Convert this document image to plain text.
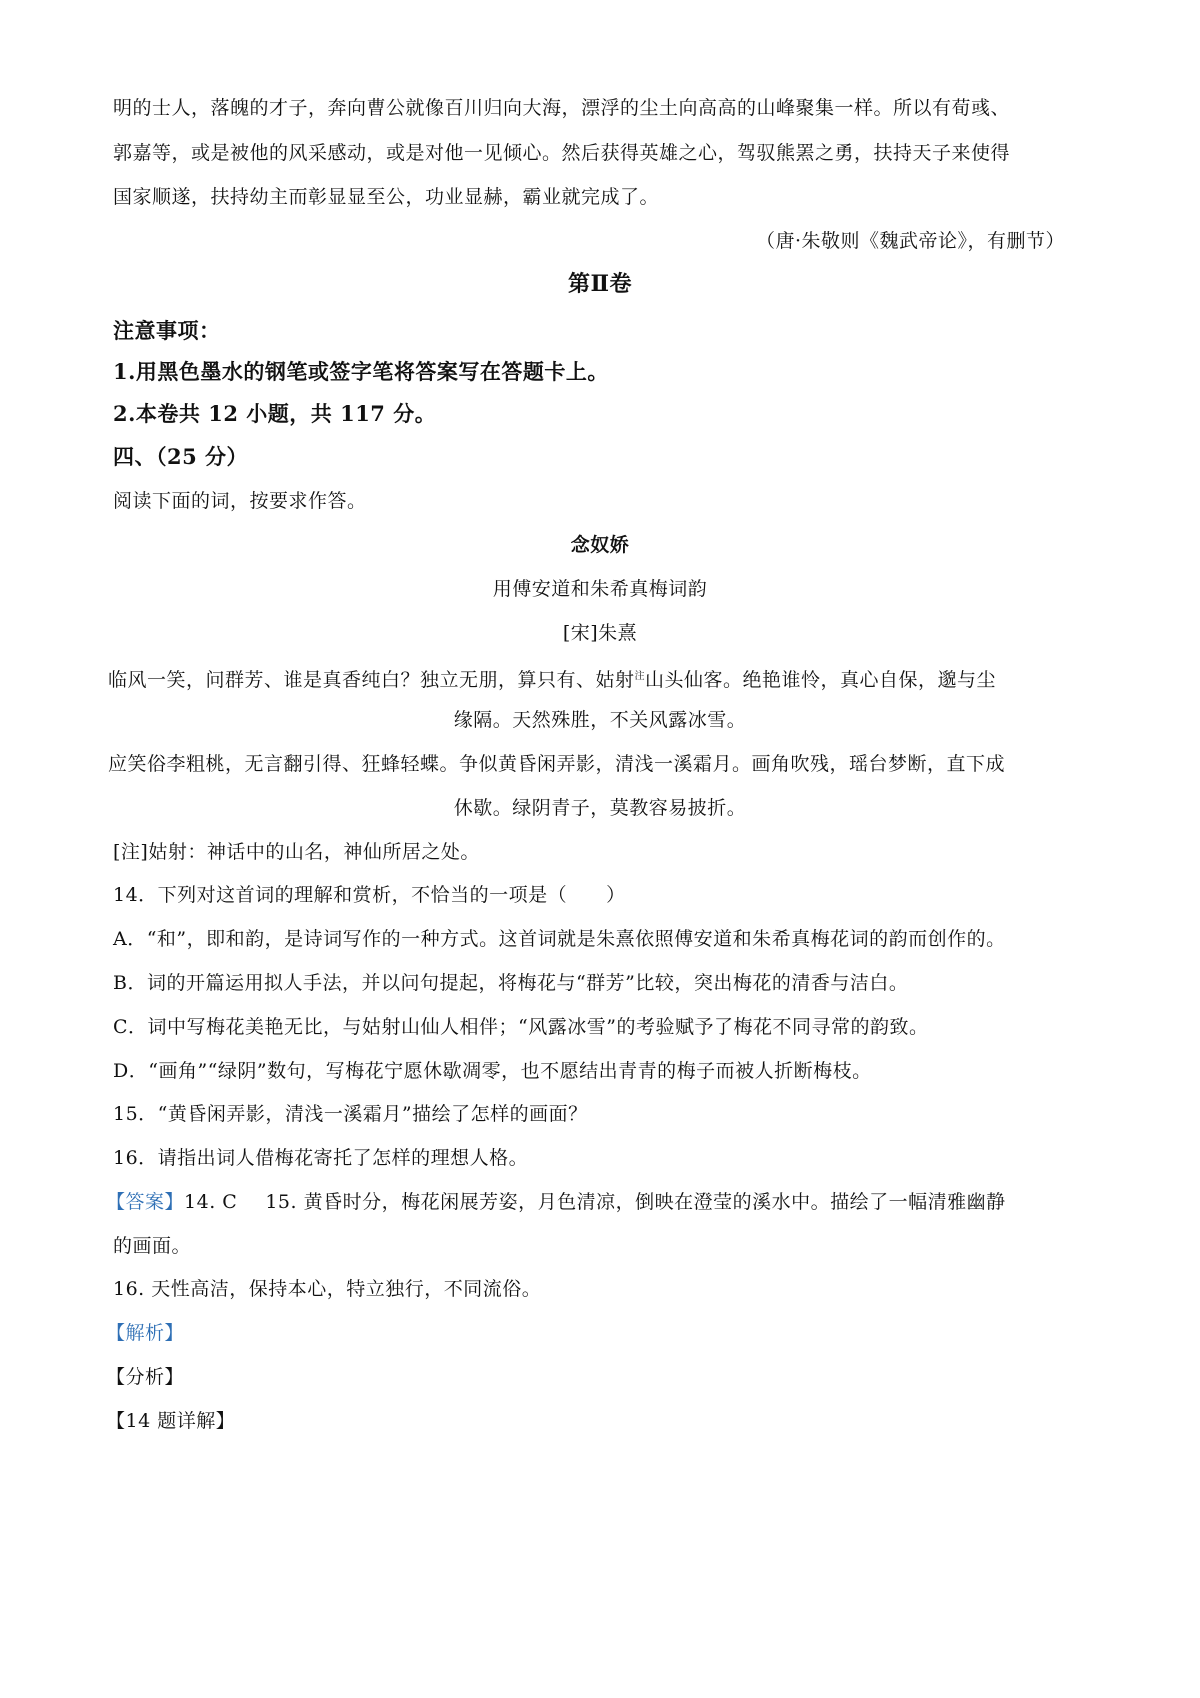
明的士人，落魄的才子，奔向曹公就像百川归向大海，漂浮的尘土向高高的山峰聚集一样。所以有荀彧、
郭嘉等，或是被他的风采感动，或是对他一见倾心。然后获得英雄之心，驾驭熊罴之勇，扶持天子来使得
国家顺遂，扶持幼主而彰显显至公，功业显赫，霸业就完成了。
（唐·朱敬则《魏武帝论》，有删节）
第Ⅱ卷
注意事项：
1.用黑色墨水的钢笔或签字笔将答案写在答题卡上。
2.本卷共 12 小题，共 117 分。
四、（25 分）
阅读下面的词，按要求作答。
念奴娇
用傅安道和朱希真梅词韵
[宋]朱熹
临风一笑，问群芳、谁是真香纯白？独立无朋，算只有、姑射$^注$山头仙客。绝艳谁怜，真心自保，邈与尘
缘隔。天然殊胜，不关风露冰雪。
应笑俗李粗桃，无言翻引得、狂蜂轻蝶。争似黄昏闲弄影，清浅一溪霜月。画角吹残，瑶台梦断，直下成
休歇。绿阴青子，莫教容易披折。
[注]姑射：神话中的山名，神仙所居之处。
14．下列对这首词的理解和赏析，不恰当的一项是（　　）
A．“和”，即和韵，是诗词写作的一种方式。这首词就是朱熹依照傅安道和朱希真梅花词的韵而创作的。
B．词的开篇运用拟人手法，并以问句提起，将梅花与“群芳”比较，突出梅花的清香与洁白。
C．词中写梅花美艳无比，与姑射山仙人相伴；“风露冰雪”的考验赋予了梅花不同寻常的韵致。
D．“画角”“绿阴”数句，写梅花宁愿休歇凋零，也不愿结出青青的梅子而被人折断梅枝。
15．“黄昏闲弄影，清浅一溪霜月”描绘了怎样的画面？
16．请指出词人借梅花寄托了怎样的理想人格。
【答案】14. C 15. 黄昏时分，梅花闲展芳姿，月色清凉，倒映在澄莹的溪水中。描绘了一幅清雅幽静
的画面。
16. 天性高洁，保持本心，特立独行，不同流俗。
【解析】
【分析】
【14 题详解】
